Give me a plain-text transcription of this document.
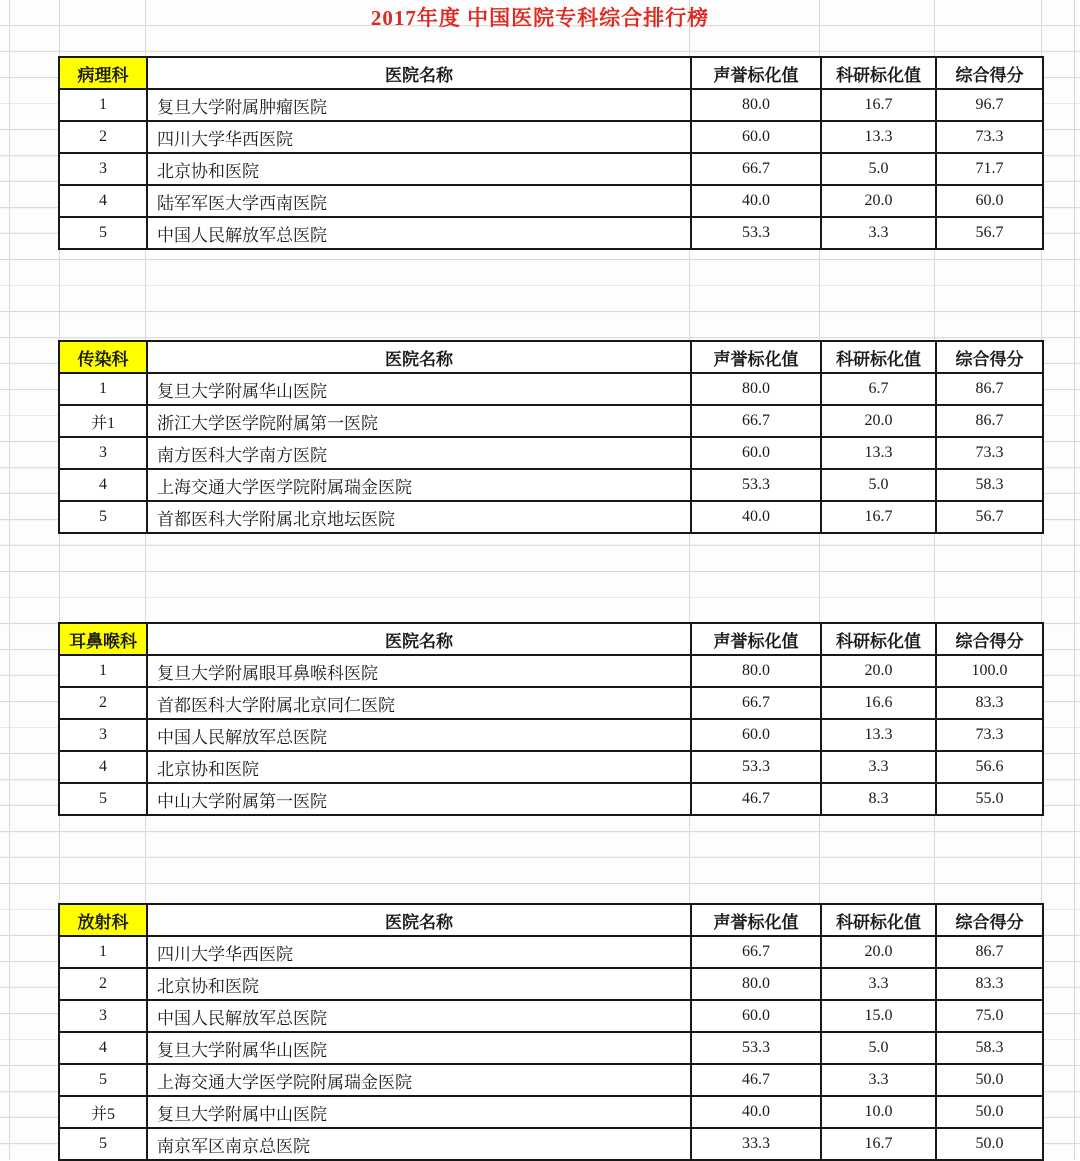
2017年度 中国医院专科综合排行榜
病理科	医院名称	声誉标化值	科研标化值	综合得分
1	复旦大学附属肿瘤医院	80.0	16.7	96.7
2	四川大学华西医院	60.0	13.3	73.3
3	北京协和医院	66.7	5.0	71.7
4	陆军军医大学西南医院	40.0	20.0	60.0
5	中国人民解放军总医院	53.3	3.3	56.7
传染科	医院名称	声誉标化值	科研标化值	综合得分
1	复旦大学附属华山医院	80.0	6.7	86.7
并1	浙江大学医学院附属第一医院	66.7	20.0	86.7
3	南方医科大学南方医院	60.0	13.3	73.3
4	上海交通大学医学院附属瑞金医院	53.3	5.0	58.3
5	首都医科大学附属北京地坛医院	40.0	16.7	56.7
耳鼻喉科	医院名称	声誉标化值	科研标化值	综合得分
1	复旦大学附属眼耳鼻喉科医院	80.0	20.0	100.0
2	首都医科大学附属北京同仁医院	66.7	16.6	83.3
3	中国人民解放军总医院	60.0	13.3	73.3
4	北京协和医院	53.3	3.3	56.6
5	中山大学附属第一医院	46.7	8.3	55.0
放射科	医院名称	声誉标化值	科研标化值	综合得分
1	四川大学华西医院	66.7	20.0	86.7
2	北京协和医院	80.0	3.3	83.3
3	中国人民解放军总医院	60.0	15.0	75.0
4	复旦大学附属华山医院	53.3	5.0	58.3
5	上海交通大学医学院附属瑞金医院	46.7	3.3	50.0
并5	复旦大学附属中山医院	40.0	10.0	50.0
5	南京军区南京总医院	33.3	16.7	50.0
